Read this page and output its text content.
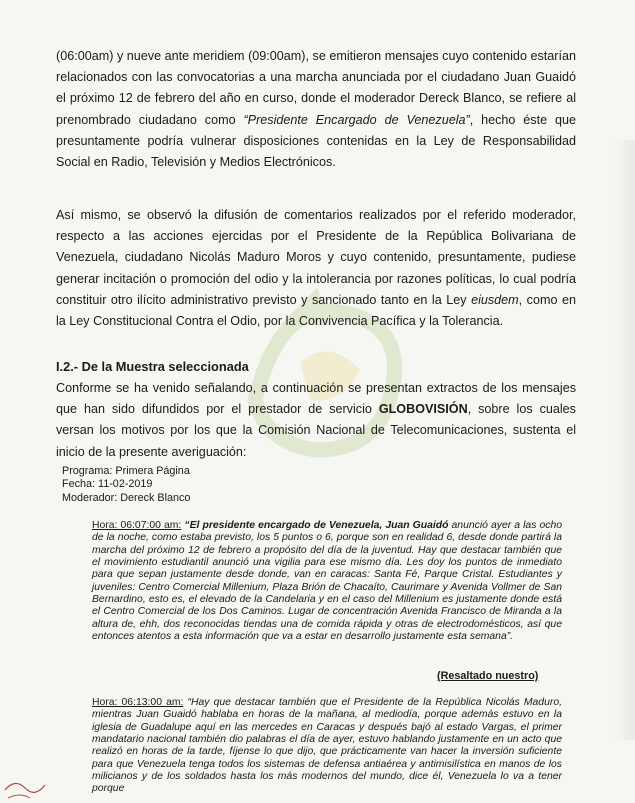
(06:00am) y nueve ante meridiem (09:00am), se emitieron mensajes cuyo contenido estarían relacionados con las convocatorias a una marcha anunciada por el ciudadano Juan Guaidó el próximo 12 de febrero del año en curso, donde el moderador Dereck Blanco, se refiere al prenombrado ciudadano como “Presidente Encargado de Venezuela”, hecho éste que presuntamente podría vulnerar disposiciones contenidas en la Ley de Responsabilidad Social en Radio, Televisión y Medios Electrónicos.
Así mismo, se observó la difusión de comentarios realizados por el referido moderador, respecto a las acciones ejercidas por el Presidente de la República Bolivariana de Venezuela, ciudadano Nicolás Maduro Moros y cuyo contenido, presuntamente, pudiese generar incitación o promoción del odio y la intolerancia por razones políticas, lo cual podría constituir otro ilícito administrativo previsto y sancionado tanto en la Ley eiusdem, como en la Ley Constitucional Contra el Odio, por la Convivencia Pacífica y la Tolerancia.
I.2.- De la Muestra seleccionada
Conforme se ha venido señalando, a continuación se presentan extractos de los mensajes que han sido difundidos por el prestador de servicio GLOBOVISIÓN, sobre los cuales versan los motivos por los que la Comisión Nacional de Telecomunicaciones, sustenta el inicio de la presente averiguación:
Programa: Primera Página
Fecha: 11-02-2019
Moderador: Dereck Blanco
Hora: 06:07:00 am: “El presidente encargado de Venezuela, Juan Guaidó anunció ayer a las ocho de la noche, como estaba previsto, los 5 puntos o 6, porque son en realidad 6, desde donde partirá la marcha del próximo 12 de febrero a propósito del día de la juventud. Hay que destacar también que el movimiento estudiantil anunció una vigilia para ese mismo día. Les doy los puntos de inmediato para que sepan justamente desde donde, van en caracas: Santa Fé, Parque Cristal. Estudiantes y juveniles: Centro Comercial Millenium, Plaza Brión de Chacaíto, Caurimare y Avenida Vollmer de San Bernardino, esto es, el elevado de la Candelaria y en el caso del Millenium es justamente donde está el Centro Comercial de los Dos Caminos. Lugar de concentración Avenida Francisco de Miranda a la altura de, ehh, dos reconocidas tiendas una de comida rápida y otras de electrodomésticos, así que entonces atentos a esta información que va a estar en desarrollo justamente esta semana”.
(Resaltado nuestro)
Hora: 06:13:00 am: “Hay que destacar también que el Presidente de la República Nicolás Maduro, mientras Juan Guaidó hablaba en horas de la mañana, al mediodía, porque además estuvo en la iglesia de Guadalupe aquí en las mercedes en Caracas y después bajó al estado Vargas, el primer mandatario nacional también dio palabras el día de ayer, estuvo hablando justamente en un acto que realizó en horas de la tarde, fíjense lo que dijo, que prácticamente van hacer la inversión suficiente para que Venezuela tenga todos los sistemas de defensa antiaérea y antimisilística en manos de los milicianos y de los soldados hasta los más modernos del mundo, dice él, Venezuela lo va a tener porque
